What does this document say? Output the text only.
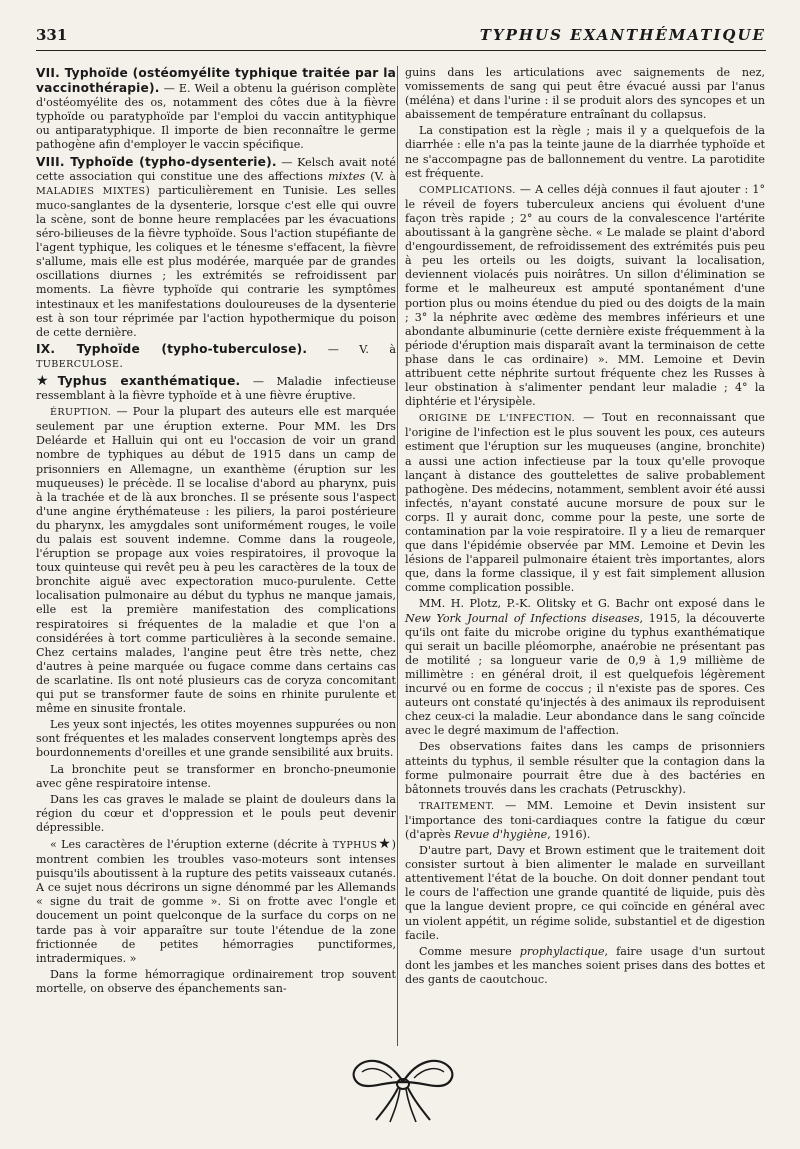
331	TYPHUS EXANTHÉMATIQUE

VII. Typhoïde (ostéomyélite typhique traitée par la vaccinothérapie). — E. Weil a obtenu la guérison complète d'ostéomyélite des os, notamment des côtes due à la fièvre typhoïde ou paratyphoïde par l'emploi du vaccin antityphique ou antiparatyphique. Il importe de bien reconnaître le germe pathogène afin d'employer le vaccin spécifique.

VIII. Typhoïde (typho-dysenterie). — Kelsch avait noté cette association qui constitue une des affections mixtes (V. à MALADIES MIXTES) particulièrement en Tunisie. Les selles muco-sanglantes de la dysenterie, lorsque c'est elle qui ouvre la scène, sont de bonne heure remplacées par les évacuations séro-bilieuses de la fièvre typhoïde. Sous l'action stupéfiante de l'agent typhique, les coliques et le ténesme s'effacent, la fièvre s'allume, mais elle est plus modérée, marquée par de grandes oscillations diurnes ; les extrémités se refroidissent par moments. La fièvre typhoïde qui contrarie les symptômes intestinaux et les manifestations douloureuses de la dysenterie est à son tour réprimée par l'action hypothermique du poison de cette dernière.

IX. Typhoïde (typho-tuberculose). — V. à TUBERCULOSE.

★Typhus exanthématique. — Maladie infectieuse ressemblant à la fièvre typhoïde et à une fièvre éruptive.

ÉRUPTION. — Pour la plupart des auteurs elle est marquée seulement par une éruption externe. Pour MM. les Drs Deléarde et Halluin qui ont eu l'occasion de voir un grand nombre de typhiques au début de 1915 dans un camp de prisonniers en Allemagne, un exanthème (éruption sur les muqueuses) le précède. Il se localise d'abord au pharynx, puis à la trachée et de là aux bronches. Il se présente sous l'aspect d'une angine érythémateuse : les piliers, la paroi postérieure du pharynx, les amygdales sont uniformément rouges, le voile du palais est souvent indemne. Comme dans la rougeole, l'éruption se propage aux voies respiratoires, il provoque la toux quinteuse qui revêt peu à peu les caractères de la toux de bronchite aiguë avec expectoration muco-purulente. Cette localisation pulmonaire au début du typhus ne manque jamais, elle est la première manifestation des complications respiratoires si fréquentes de la maladie et que l'on a considérées à tort comme particulières à la seconde semaine. Chez certains malades, l'angine peut être très nette, chez d'autres à peine marquée ou fugace comme dans certains cas de scarlatine. Ils ont noté plusieurs cas de coryza concomitant qui put se transformer faute de soins en rhinite purulente et même en sinusite frontale.

Les yeux sont injectés, les otites moyennes suppurées ou non sont fréquentes et les malades conservent longtemps après des bourdonnements d'oreilles et une grande sensibilité aux bruits.

La bronchite peut se transformer en broncho-pneumonie avec gêne respiratoire intense.

Dans les cas graves le malade se plaint de douleurs dans la région du cœur et d'oppression et le pouls peut devenir dépressible.

« Les caractères de l'éruption externe (décrite à TYPHUS★) montrent combien les troubles vaso-moteurs sont intenses puisqu'ils aboutissent à la rupture des petits vaisseaux cutanés. A ce sujet nous décrirons un signe dénommé par les Allemands « signe du trait de gomme ». Si on frotte avec l'ongle et doucement un point quelconque de la surface du corps on ne tarde pas à voir apparaître sur toute l'étendue de la zone frictionnée de petites hémorragies punctiformes, intradermiques. »

Dans la forme hémorragique ordinairement trop souvent mortelle, on observe des épanchements san-

guins dans les articulations avec saignements de nez, vomissements de sang qui peut être évacué aussi par l'anus (méléna) et dans l'urine : il se produit alors des syncopes et un abaissement de température entraînant du collapsus.

La constipation est la règle ; mais il y a quelquefois de la diarrhée : elle n'a pas la teinte jaune de la diarrhée typhoïde et ne s'accompagne pas de ballonnement du ventre. La parotidite est fréquente.

COMPLICATIONS. — A celles déjà connues il faut ajouter : 1° le réveil de foyers tuberculeux anciens qui évoluent d'une façon très rapide ; 2° au cours de la convalescence l'artérite aboutissant à la gangrène sèche. « Le malade se plaint d'abord d'engourdissement, de refroidissement des extrémités puis peu à peu les orteils ou les doigts, suivant la localisation, deviennent violacés puis noirâtres. Un sillon d'élimination se forme et le malheureux est amputé spontanément d'une portion plus ou moins étendue du pied ou des doigts de la main ; 3° la néphrite avec œdème des membres inférieurs et une abondante albuminurie (cette dernière existe fréquemment à la période d'éruption mais disparaît avant la terminaison de cette phase dans le cas ordinaire) ». MM. Lemoine et Devin attribuent cette néphrite surtout fréquente chez les Russes à leur obstination à s'alimenter pendant leur maladie ; 4° la diphtérie et l'érysipèle.

ORIGINE DE L'INFECTION. — Tout en reconnaissant que l'origine de l'infection est le plus souvent les poux, ces auteurs estiment que l'éruption sur les muqueuses (angine, bronchite) a aussi une action infectieuse par la toux qu'elle provoque lançant à distance des gouttelettes de salive probablement pathogène. Des médecins, notamment, semblent avoir été aussi infectés, n'ayant constaté aucune morsure de poux sur le corps. Il y aurait donc, comme pour la peste, une sorte de contamination par la voie respiratoire. Il y a lieu de remarquer que dans l'épidémie observée par MM. Lemoine et Devin les lésions de l'appareil pulmonaire étaient très importantes, alors que, dans la forme classique, il y est fait simplement allusion comme complication possible.

MM. H. Plotz, P.-K. Olitsky et G. Bachr ont exposé dans le New York Journal of Infections diseases, 1915, la découverte qu'ils ont faite du microbe origine du typhus exanthématique qui serait un bacille pléomorphe, anaérobie ne présentant pas de motilité ; sa longueur varie de 0,9 à 1,9 millième de millimètre : en général droit, il est quelquefois légèrement incurvé ou en forme de coccus ; il n'existe pas de spores. Ces auteurs ont constaté qu'injectés à des animaux ils reproduisent chez ceux-ci la maladie. Leur abondance dans le sang coïncide avec le degré maximum de l'affection.

Des observations faites dans les camps de prisonniers atteints du typhus, il semble résulter que la contagion dans la forme pulmonaire pourrait être due à des bactéries en bâtonnets trouvés dans les crachats (Petrusckhy).

TRAITEMENT. — MM. Lemoine et Devin insistent sur l'importance des toni-cardiaques contre la fatigue du cœur (d'après Revue d'hygiène, 1916).

D'autre part, Davy et Brown estiment que le traitement doit consister surtout à bien alimenter le malade en surveillant attentivement l'état de la bouche. On doit donner pendant tout le cours de l'affection une grande quantité de liquide, puis dès que la langue devient propre, ce qui coïncide en général avec un violent appétit, un régime solide, substantiel et de digestion facile.

Comme mesure prophylactique, faire usage d'un surtout dont les jambes et les manches soient prises dans des bottes et des gants de caoutchouc.
